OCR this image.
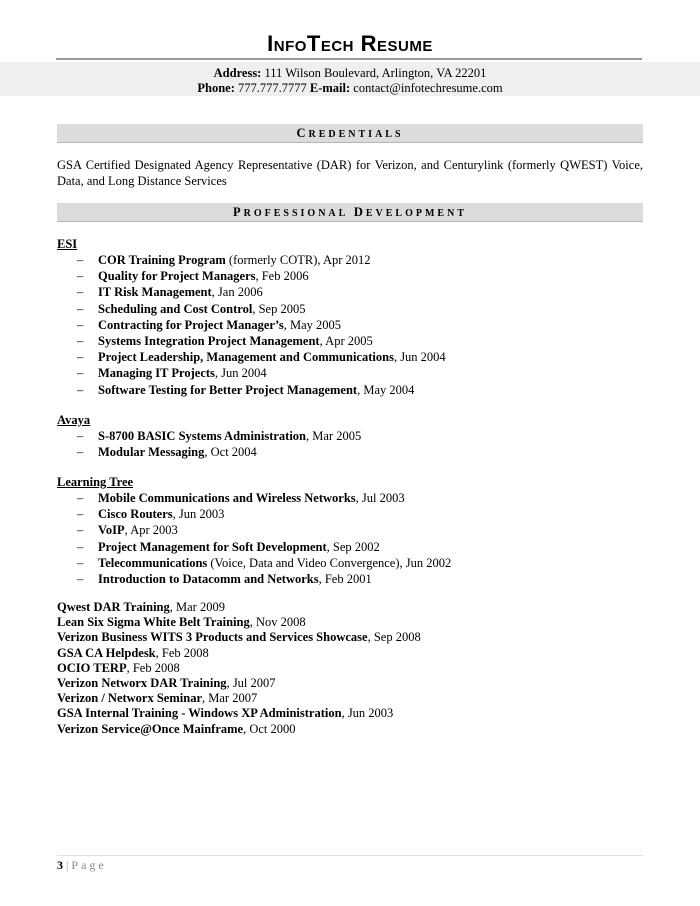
InfoTech Resume
Address: 111 Wilson Boulevard, Arlington, VA 22201
Phone: 777.777.7777 E-mail: contact@infotechresume.com
CREDENTIALS
GSA Certified Designated Agency Representative (DAR) for Verizon, and Centurylink (formerly QWEST) Voice, Data, and Long Distance Services
PROFESSIONAL DEVELOPMENT
ESI
– COR Training Program (formerly COTR), Apr 2012
– Quality for Project Managers, Feb 2006
– IT Risk Management, Jan 2006
– Scheduling and Cost Control, Sep 2005
– Contracting for Project Manager’s, May 2005
– Systems Integration Project Management, Apr 2005
– Project Leadership, Management and Communications, Jun 2004
– Managing IT Projects, Jun 2004
– Software Testing for Better Project Management, May 2004
Avaya
– S-8700 BASIC Systems Administration, Mar 2005
– Modular Messaging, Oct 2004
Learning Tree
– Mobile Communications and Wireless Networks, Jul 2003
– Cisco Routers, Jun 2003
– VoIP, Apr 2003
– Project Management for Soft Development, Sep 2002
– Telecommunications (Voice, Data and Video Convergence), Jun 2002
– Introduction to Datacomm and Networks, Feb 2001
Qwest DAR Training, Mar 2009
Lean Six Sigma White Belt Training, Nov 2008
Verizon Business WITS 3 Products and Services Showcase, Sep 2008
GSA CA Helpdesk, Feb 2008
OCIO TERP, Feb 2008
Verizon Networx DAR Training, Jul 2007
Verizon / Networx Seminar, Mar 2007
GSA Internal Training - Windows XP Administration, Jun 2003
Verizon Service@Once Mainframe, Oct 2000
3 | Page
